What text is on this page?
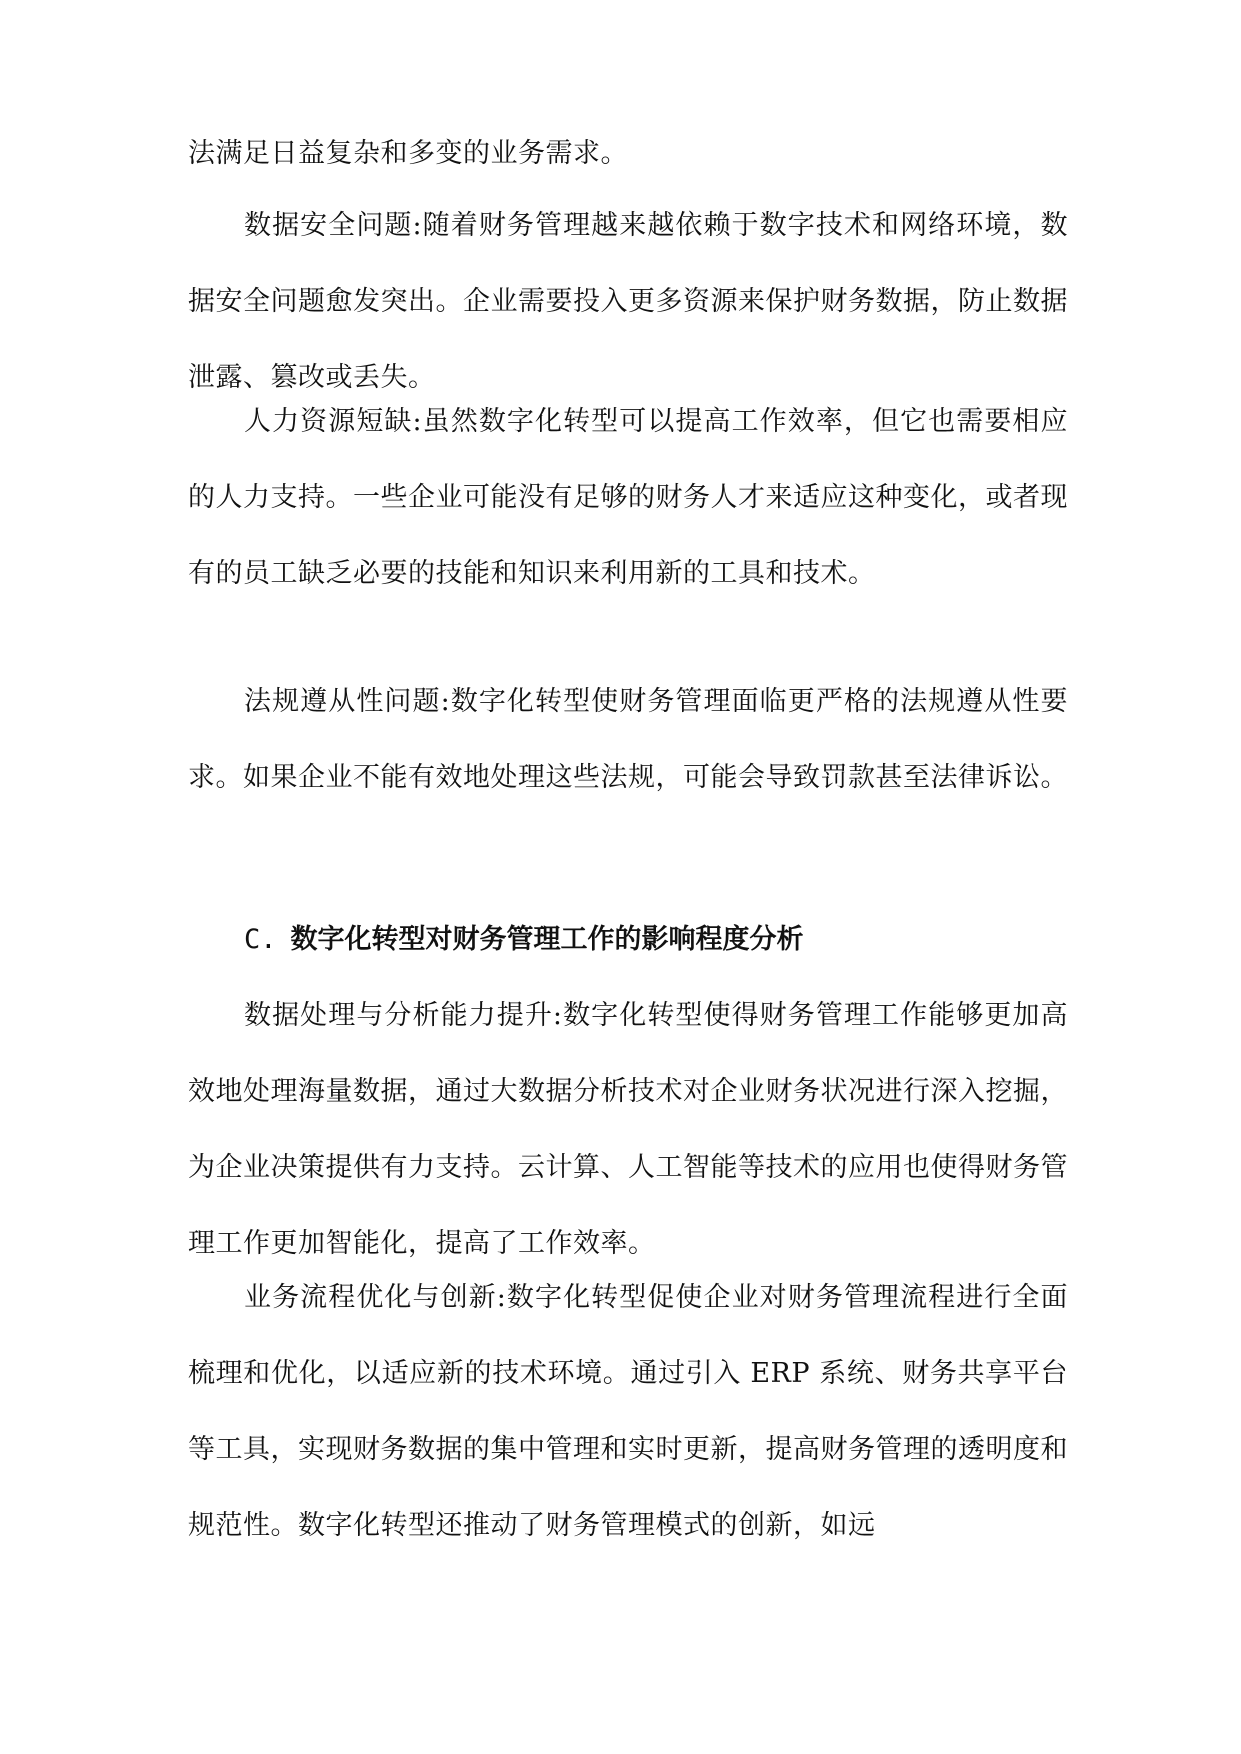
法满足日益复杂和多变的业务需求。

数据安全问题:随着财务管理越来越依赖于数字技术和网络环境，数据安全问题愈发突出。企业需要投入更多资源来保护财务数据，防止数据泄露、篡改或丢失。

人力资源短缺:虽然数字化转型可以提高工作效率，但它也需要相应的人力支持。一些企业可能没有足够的财务人才来适应这种变化，或者现有的员工缺乏必要的技能和知识来利用新的工具和技术。

法规遵从性问题:数字化转型使财务管理面临更严格的法规遵从性要求。如果企业不能有效地处理这些法规，可能会导致罚款甚至法律诉讼。

C. 数字化转型对财务管理工作的影响程度分析

数据处理与分析能力提升:数字化转型使得财务管理工作能够更加高效地处理海量数据，通过大数据分析技术对企业财务状况进行深入挖掘，为企业决策提供有力支持。云计算、人工智能等技术的应用也使得财务管理工作更加智能化，提高了工作效率。

业务流程优化与创新:数字化转型促使企业对财务管理流程进行全面梳理和优化，以适应新的技术环境。通过引入 ERP 系统、财务共享平台等工具，实现财务数据的集中管理和实时更新，提高财务管理的透明度和规范性。数字化转型还推动了财务管理模式的创新，如远
